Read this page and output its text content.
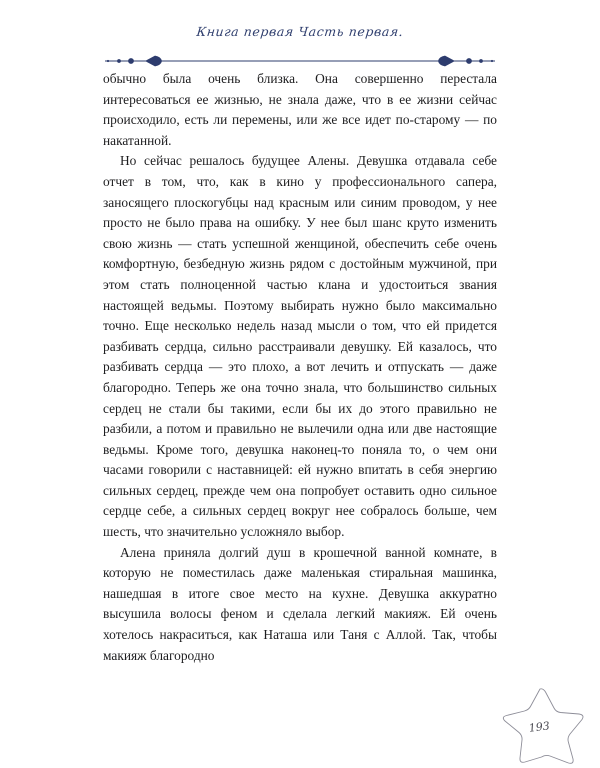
Книга первая Часть первая.

обычно была очень близка. Она совершенно перестала интересоваться ее жизнью, не знала даже, что в ее жизни сейчас происходило, есть ли перемены, или же все идет по-старому — по накатанной.

Но сейчас решалось будущее Алены. Девушка отдавала себе отчет в том, что, как в кино у профессионального сапера, заносящего плоскогубцы над красным или синим проводом, у нее просто не было права на ошибку. У нее был шанс круто изменить свою жизнь — стать успешной женщиной, обеспечить себе очень комфортную, безбедную жизнь рядом с достойным мужчиной, при этом стать полноценной частью клана и удостоиться звания настоящей ведьмы. Поэтому выбирать нужно было максимально точно. Еще несколько недель назад мысли о том, что ей придется разбивать сердца, сильно расстраивали девушку. Ей казалось, что разбивать сердца — это плохо, а вот лечить и отпускать — даже благородно. Теперь же она точно знала, что большинство сильных сердец не стали бы такими, если бы их до этого правильно не разбили, а потом и правильно не вылечили одна или две настоящие ведьмы. Кроме того, девушка наконец-то поняла то, о чем они часами говорили с наставницей: ей нужно впитать в себя энергию сильных сердец, прежде чем она попробует оставить одно сильное сердце себе, а сильных сердец вокруг нее собралось больше, чем шесть, что значительно усложняло выбор.

Алена приняла долгий душ в крошечной ванной комнате, в которую не поместилась даже маленькая стиральная машинка, нашедшая в итоге свое место на кухне. Девушка аккуратно высушила волосы феном и сделала легкий макияж. Ей очень хотелось накраситься, как Наташа или Таня с Аллой. Так, чтобы макияж благородно

193
